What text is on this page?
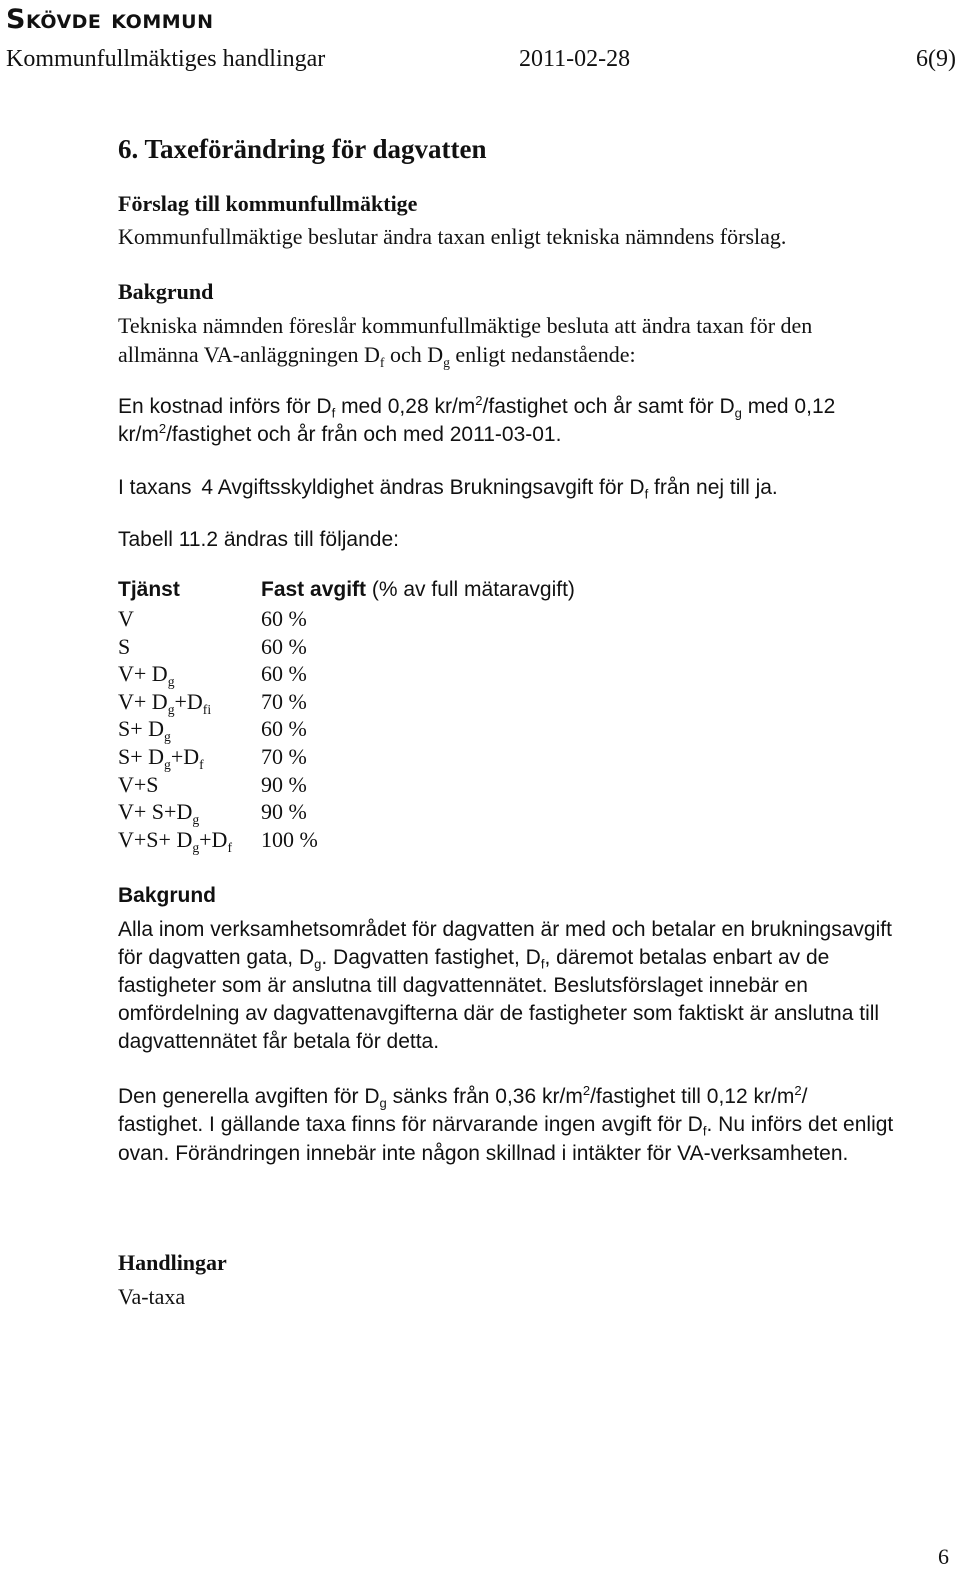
Skövde kommun
Kommunfullmäktiges handlingar	2011-02-28	6(9)
6. Taxeförändring för dagvatten
Förslag till kommunfullmäktige
Kommunfullmäktige beslutar ändra taxan enligt tekniska nämndens förslag.
Bakgrund
Tekniska nämnden föreslår kommunfullmäktige besluta att ändra taxan för den
allmänna VA-anläggningen $D_f$ och $D_g$ enligt nedanstående:
En kostnad införs för $D_f$ med 0,28 $kr/m^2$/fastighet och år samt för $D_g$ med 0,12
$kr/m^2$/fastighet och år från och med 2011-03-01.
I taxans 4 Avgiftsskyldighet ändras Brukningsavgift för $D_f$ från nej till ja.
Tabell 11.2 ändras till följande:
Tjänst	Fast avgift (% av full mätaravgift)
V	60 %
S	60 %
$V+ D_g$	60 %
$V+ D_g+D_{fi}$ 70 %
$S+ D_g$	60 %
$S+ D_g+D_f$	70 %
V+S	90 %
$V+ S+D_g$	90 %
$V+S+ D_g+D_f$ 100 %
Bakgrund
Alla inom verksamhetsområdet för dagvatten är med och betalar en brukningsavgift
för dagvatten gata, $D_g$. Dagvatten fastighet, $D_f$, däremot betalas enbart av de
fastigheter som är anslutna till dagvattennätet. Beslutsförslaget innebär en
omfördelning av dagvattenavgifterna där de fastigheter som faktiskt är anslutna till
dagvattennätet får betala för detta.
Den generella avgiften för $D_g$ sänks från 0,36 $kr/m^2$/fastighet till 0,12 $kr/m^2/$
fastighet. I gällande taxa finns för närvarande ingen avgift för $D_f$. Nu införs det enligt
ovan. Förändringen innebär inte någon skillnad i intäkter för VA-verksamheten.
Handlingar
Va-taxa
6
